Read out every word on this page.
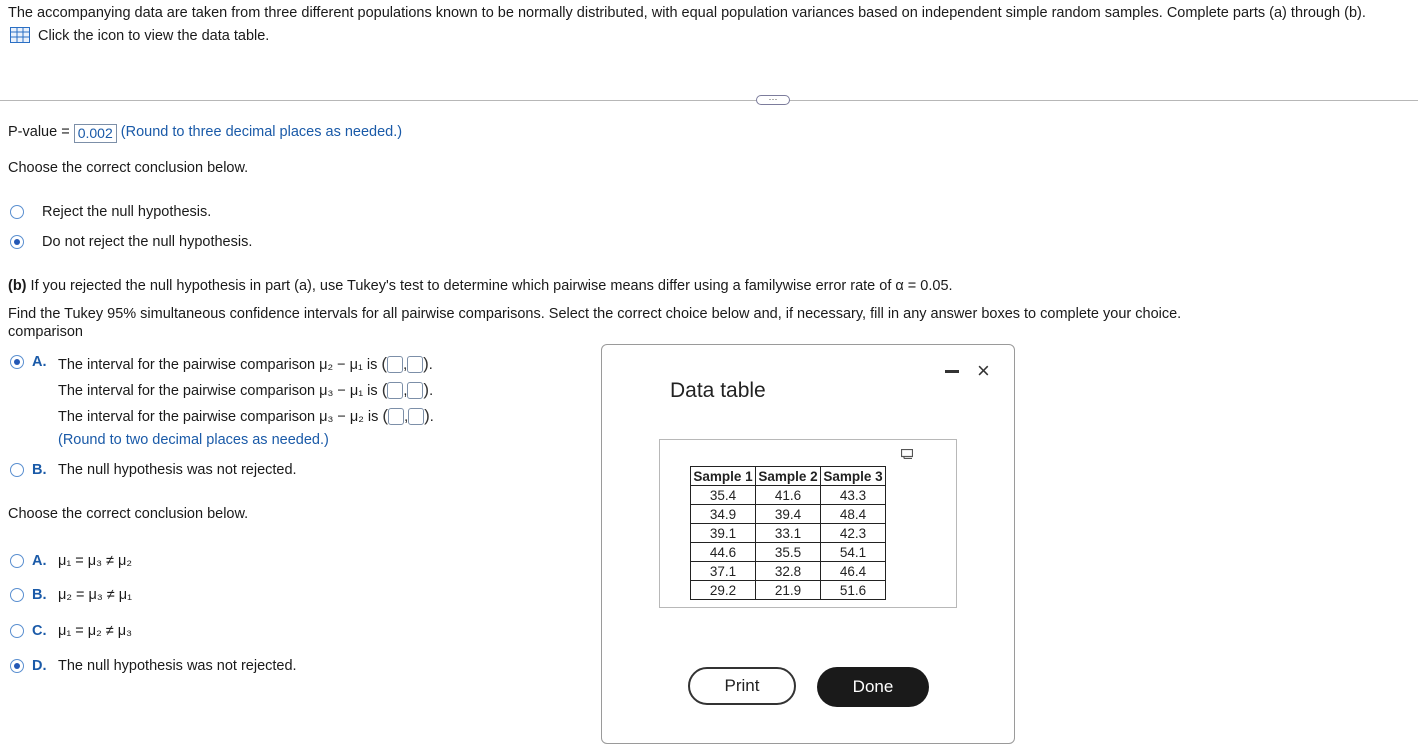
The accompanying data are taken from three different populations known to be normally distributed, with equal population variances based on independent simple random samples. Complete parts (a) through (b).
Click the icon to view the data table.
···
P-value = 0.002 (Round to three decimal places as needed.)
Choose the correct conclusion below.
Reject the null hypothesis.
Do not reject the null hypothesis.
(b) If you rejected the null hypothesis in part (a), use Tukey's test to determine which pairwise means differ using a familywise error rate of α = 0.05.
Find the Tukey 95% simultaneous confidence intervals for all pairwise comparisons. Select the correct choice below and, if necessary, fill in any answer boxes to complete your choice.
comparison
A. The interval for the pairwise comparison μ₂ − μ₁ is ( , ).
The interval for the pairwise comparison μ₃ − μ₁ is ( , ).
The interval for the pairwise comparison μ₃ − μ₂ is ( , ).
(Round to two decimal places as needed.)
B. The null hypothesis was not rejected.
Choose the correct conclusion below.
A. μ₁ = μ₃ ≠ μ₂
B. μ₂ = μ₃ ≠ μ₁
C. μ₁ = μ₂ ≠ μ₃
D. The null hypothesis was not rejected.
Data table
×
Sample 1	Sample 2	Sample 3
35.4	41.6	43.3
34.9	39.4	48.4
39.1	33.1	42.3
44.6	35.5	54.1
37.1	32.8	46.4
29.2	21.9	51.6
Print	Done
